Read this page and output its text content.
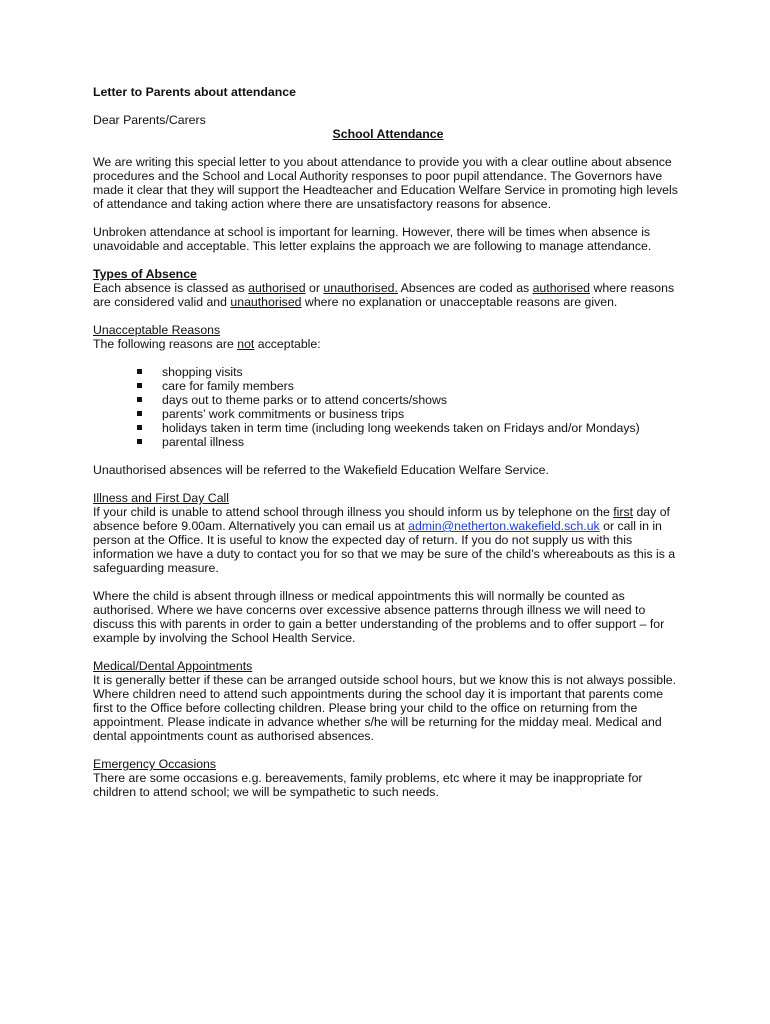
Letter to Parents about attendance

Dear Parents/Carers

School Attendance

We are writing this special letter to you about attendance to provide you with a clear outline about absence procedures and the School and Local Authority responses to poor pupil attendance. The Governors have made it clear that they will support the Headteacher and Education Welfare Service in promoting high levels of attendance and taking action where there are unsatisfactory reasons for absence.

Unbroken attendance at school is important for learning. However, there will be times when absence is unavoidable and acceptable. This letter explains the approach we are following to manage attendance.

Types of Absence

Each absence is classed as authorised or unauthorised. Absences are coded as authorised where reasons are considered valid and unauthorised where no explanation or unacceptable reasons are given.

Unacceptable Reasons

The following reasons are not acceptable:

shopping visits
care for family members
days out to theme parks or to attend concerts/shows
parents’ work commitments or business trips
holidays taken in term time (including long weekends taken on Fridays and/or Mondays)
parental illness

Unauthorised absences will be referred to the Wakefield Education Welfare Service.

Illness and First Day Call

If your child is unable to attend school through illness you should inform us by telephone on the first day of absence before 9.00am. Alternatively you can email us at admin@netherton.wakefield.sch.uk or call in in person at the Office. It is useful to know the expected day of return. If you do not supply us with this information we have a duty to contact you for so that we may be sure of the child’s whereabouts as this is a safeguarding measure.

Where the child is absent through illness or medical appointments this will normally be counted as authorised. Where we have concerns over excessive absence patterns through illness we will need to discuss this with parents in order to gain a better understanding of the problems and to offer support – for example by involving the School Health Service.

Medical/Dental Appointments

It is generally better if these can be arranged outside school hours, but we know this is not always possible. Where children need to attend such appointments during the school day it is important that parents come first to the Office before collecting children. Please bring your child to the office on returning from the appointment. Please indicate in advance whether s/he will be returning for the midday meal. Medical and dental appointments count as authorised absences.

Emergency Occasions

There are some occasions e.g. bereavements, family problems, etc where it may be inappropriate for children to attend school; we will be sympathetic to such needs.
